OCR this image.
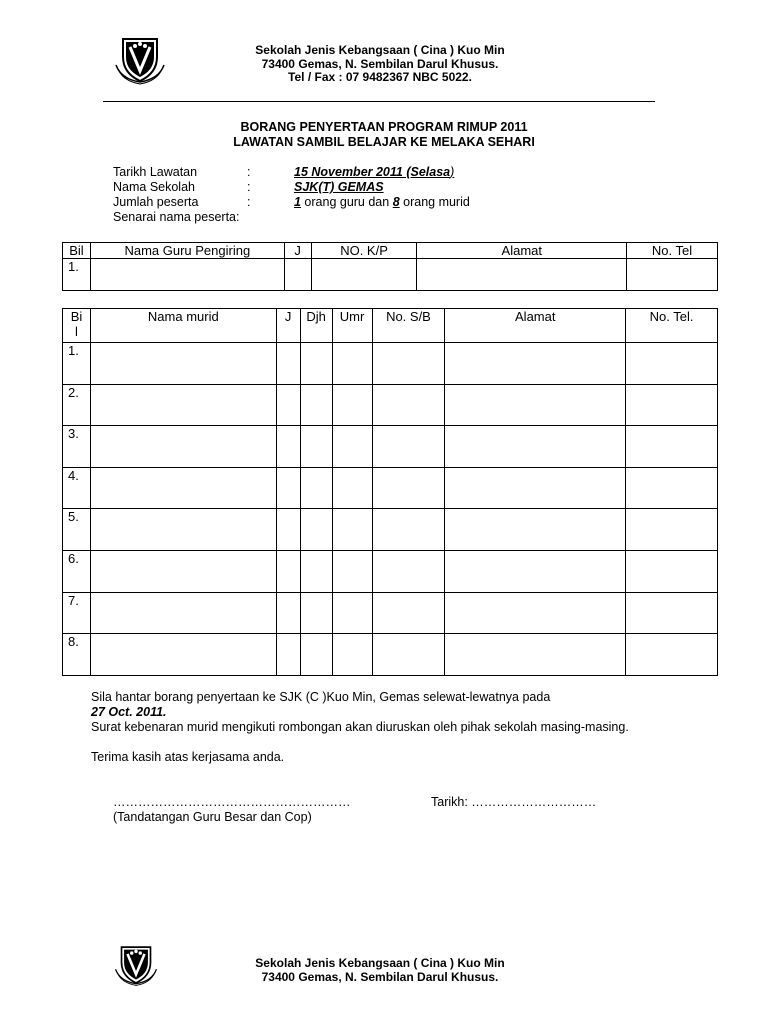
Sekolah Jenis Kebangsaan ( Cina ) Kuo Min
73400 Gemas, N. Sembilan Darul Khusus.
Tel / Fax : 07 9482367 NBC 5022.
BORANG PENYERTAAN PROGRAM RIMUP 2011
LAWATAN SAMBIL BELAJAR KE MELAKA SEHARI
Tarikh Lawatan	:	15 November 2011 (Selasa)
Nama Sekolah	:	SJK(T) GEMAS
Jumlah peserta	:	1 orang guru dan 8 orang murid
Senarai nama peserta:
Bil	Nama Guru Pengiring	J	NO. K/P	Alamat	No. Tel
1.					
Bi
l	Nama murid	J	Djh	Umr	No. S/B	Alamat	No. Tel.
1.							
2.							
3.							
4.							
5.							
6.							
7.							
8.							
Sila hantar borang penyertaan ke SJK (C )Kuo Min, Gemas selewat-lewatnya pada
27 Oct. 2011.
Surat kebenaran murid mengikuti rombongan akan diuruskan oleh pihak sekolah masing-masing.
Terima kasih atas kerjasama anda.
…………………………………………………	Tarikh: …………………………
(Tandatangan Guru Besar dan Cop)
Sekolah Jenis Kebangsaan ( Cina ) Kuo Min
73400 Gemas, N. Sembilan Darul Khusus.
